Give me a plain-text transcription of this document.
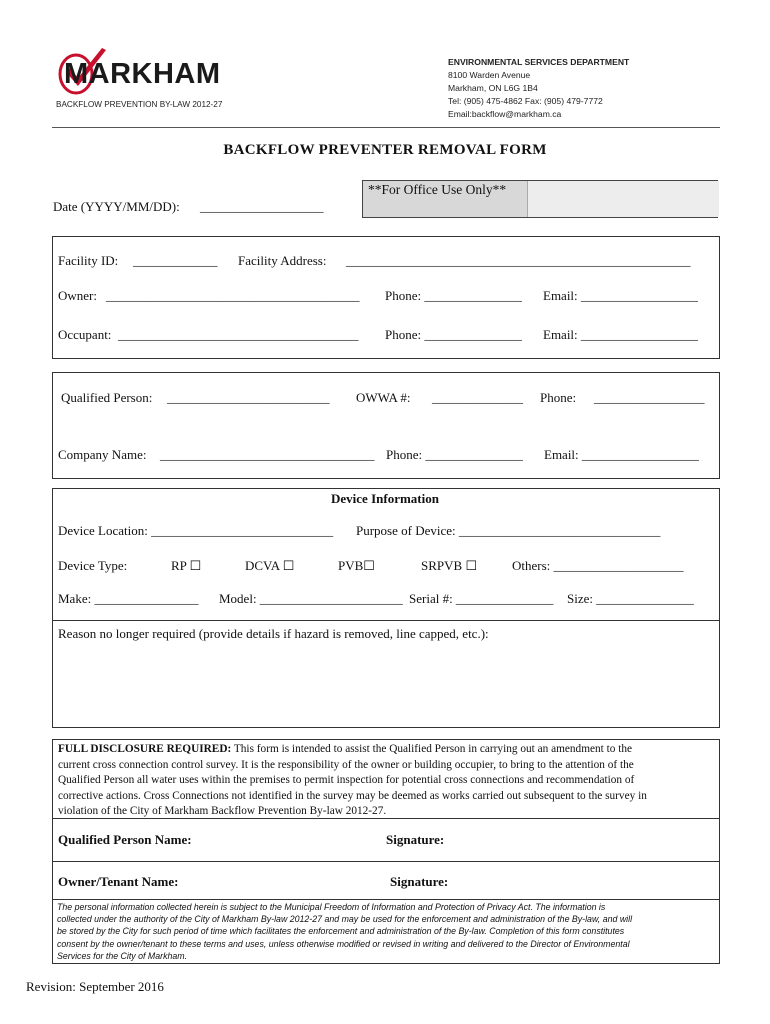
MARKHAM
BACKFLOW PREVENTION BY-LAW 2012-27
ENVIRONMENTAL SERVICES DEPARTMENT
8100 Warden Avenue
Markham, ON L6G 1B4
Tel: (905) 475-4862 Fax: (905) 479-7772
Email:backflow@markham.ca
BACKFLOW PREVENTER REMOVAL FORM
Date (YYYY/MM/DD): ___________________
**For Office Use Only**
Facility ID: _____________ Facility Address: _____________________________________________________
Owner: _______________________________________ Phone: _______________ Email: __________________
Occupant: _____________________________________ Phone: _______________ Email: __________________
Qualified Person: _________________________ OWWA #: ______________ Phone: _________________
Company Name: _________________________________ Phone: _______________ Email: __________________
Device Information
Device Location: ____________________________ Purpose of Device: _______________________________
Device Type:	RP ☐	DCVA ☐	PVB☐	SRPVB ☐	Others: ____________________
Make: ________________ Model: ______________________ Serial #: _______________ Size: _______________
Reason no longer required (provide details if hazard is removed, line capped, etc.):
FULL DISCLOSURE REQUIRED: This form is intended to assist the Qualified Person in carrying out an amendment to the
current cross connection control survey. It is the responsibility of the owner or building occupier, to bring to the attention of the
Qualified Person all water uses within the premises to permit inspection for potential cross connections and recommendation of
corrective actions. Cross Connections not identified in the survey may be deemed as works carried out subsequent to the survey in
violation of the City of Markham Backflow Prevention By-law 2012-27.
Qualified Person Name:	Signature:
Owner/Tenant Name:	Signature:
The personal information collected herein is subject to the Municipal Freedom of Information and Protection of Privacy Act. The information is
collected under the authority of the City of Markham By-law 2012-27 and may be used for the enforcement and administration of the By-law, and will
be stored by the City for such period of time which facilitates the enforcement and administration of the By-law. Completion of this form constitutes
consent by the owner/tenant to these terms and uses, unless otherwise modified or revised in writing and delivered to the Director of Environmental
Services for the City of Markham.
Revision: September 2016
